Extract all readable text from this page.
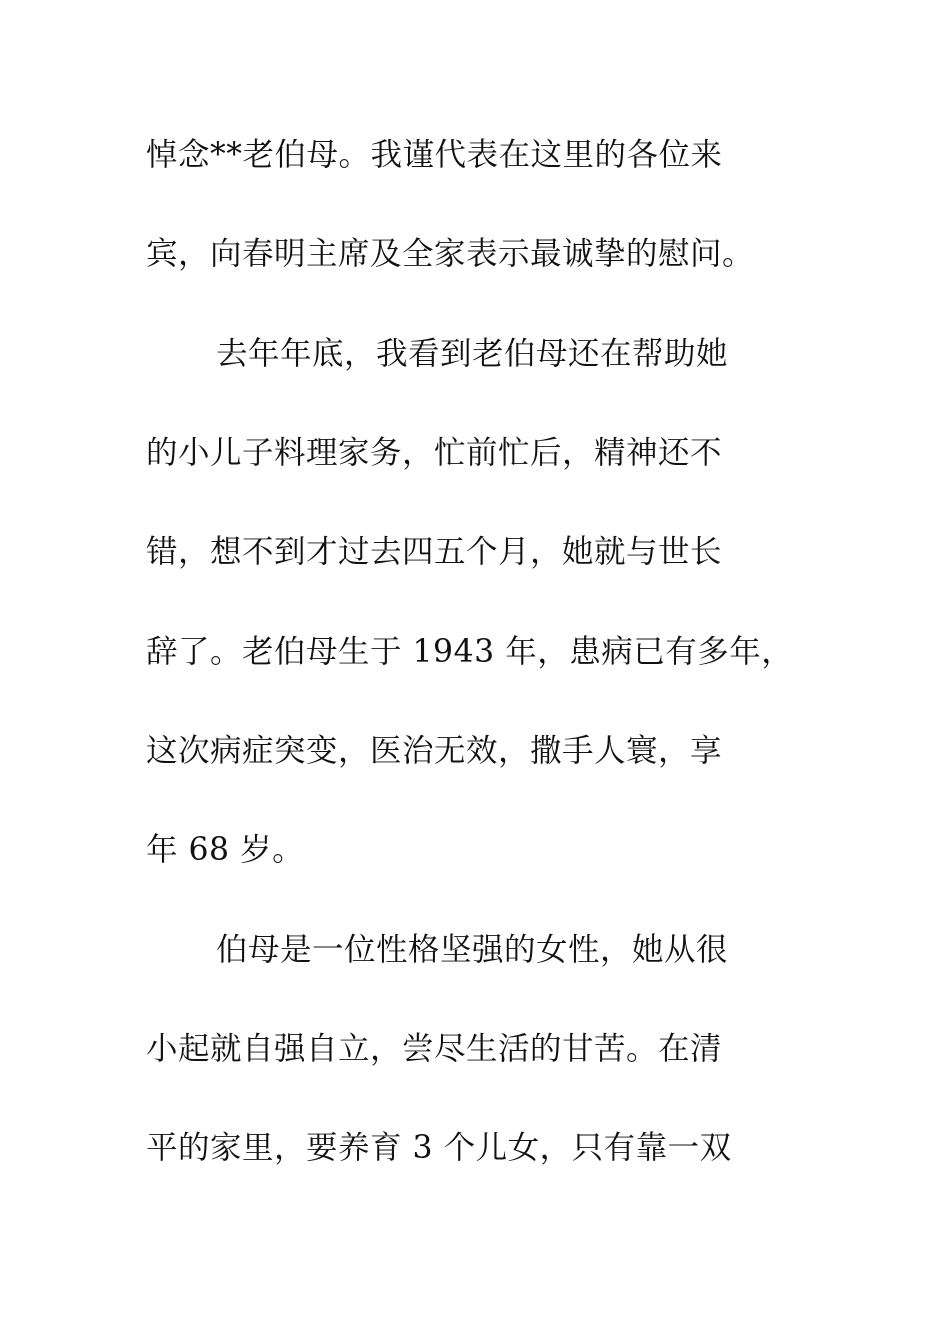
悼念**老伯母。我谨代表在这里的各位来
宾，向春明主席及全家表示最诚挚的慰问。
去年年底，我看到老伯母还在帮助她
的小儿子料理家务，忙前忙后，精神还不
错，想不到才过去四五个月，她就与世长
辞了。老伯母生于 1943 年，患病已有多年，
这次病症突变，医治无效，撒手人寰，享
年 68 岁。
伯母是一位性格坚强的女性，她从很
小起就自强自立，尝尽生活的甘苦。在清
平的家里，要养育 3 个儿女，只有靠一双
